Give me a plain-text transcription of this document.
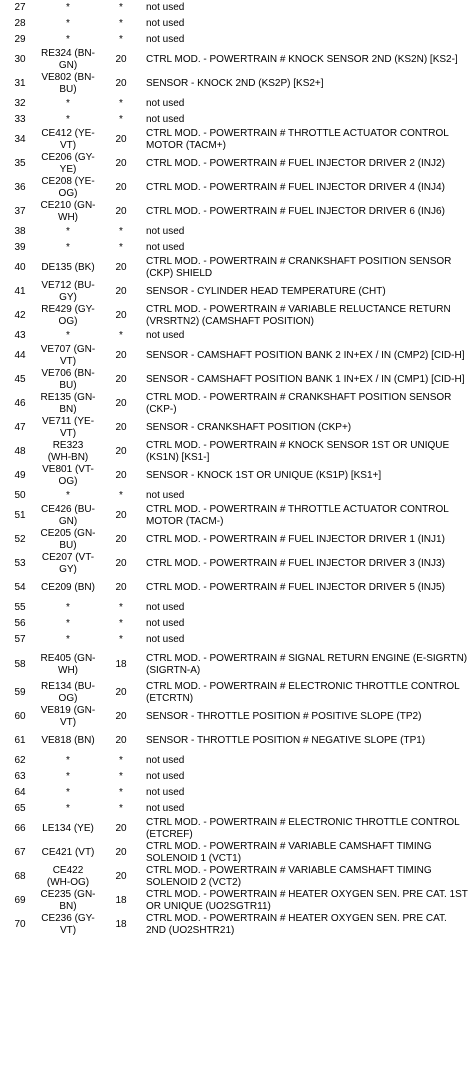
27	*	*	not used
28	*	*	not used
29	*	*	not used
30	RE324 (BN-GN)	20	CTRL MOD. - POWERTRAIN # KNOCK SENSOR 2ND (KS2N) [KS2-]
31	VE802 (BN-BU)	20	SENSOR - KNOCK 2ND (KS2P) [KS2+]
32	*	*	not used
33	*	*	not used
34	CE412 (YE-VT)	20	CTRL MOD. - POWERTRAIN # THROTTLE ACTUATOR CONTROL MOTOR (TACM+)
35	CE206 (GY-YE)	20	CTRL MOD. - POWERTRAIN # FUEL INJECTOR DRIVER 2 (INJ2)
36	CE208 (YE-OG)	20	CTRL MOD. - POWERTRAIN # FUEL INJECTOR DRIVER 4 (INJ4)
37	CE210 (GN-WH)	20	CTRL MOD. - POWERTRAIN # FUEL INJECTOR DRIVER 6 (INJ6)
38	*	*	not used
39	*	*	not used
40	DE135 (BK)	20	CTRL MOD. - POWERTRAIN # CRANKSHAFT POSITION SENSOR (CKP) SHIELD
41	VE712 (BU-GY)	20	SENSOR - CYLINDER HEAD TEMPERATURE (CHT)
42	RE429 (GY-OG)	20	CTRL MOD. - POWERTRAIN # VARIABLE RELUCTANCE RETURN (VRSRTN2) (CAMSHAFT POSITION)
43	*	*	not used
44	VE707 (GN-VT)	20	SENSOR - CAMSHAFT POSITION BANK 2 IN+EX / IN (CMP2) [CID-H]
45	VE706 (BN-BU)	20	SENSOR - CAMSHAFT POSITION BANK 1 IN+EX / IN (CMP1) [CID-H]
46	RE135 (GN-BN)	20	CTRL MOD. - POWERTRAIN # CRANKSHAFT POSITION SENSOR (CKP-)
47	VE711 (YE-VT)	20	SENSOR - CRANKSHAFT POSITION (CKP+)
48	RE323 (WH-BN)	20	CTRL MOD. - POWERTRAIN # KNOCK SENSOR 1ST OR UNIQUE (KS1N) [KS1-]
49	VE801 (VT-OG)	20	SENSOR - KNOCK 1ST OR UNIQUE (KS1P) [KS1+]
50	*	*	not used
51	CE426 (BU-GN)	20	CTRL MOD. - POWERTRAIN # THROTTLE ACTUATOR CONTROL MOTOR (TACM-)
52	CE205 (GN-BU)	20	CTRL MOD. - POWERTRAIN # FUEL INJECTOR DRIVER 1 (INJ1)
53	CE207 (VT-GY)	20	CTRL MOD. - POWERTRAIN # FUEL INJECTOR DRIVER 3 (INJ3)
54	CE209 (BN)	20	CTRL MOD. - POWERTRAIN # FUEL INJECTOR DRIVER 5 (INJ5)
55	*	*	not used
56	*	*	not used
57	*	*	not used
58	RE405 (GN-WH)	18	CTRL MOD. - POWERTRAIN # SIGNAL RETURN ENGINE (E-SIGRTN) (SIGRTN-A)
59	RE134 (BU-OG)	20	CTRL MOD. - POWERTRAIN # ELECTRONIC THROTTLE CONTROL (ETCRTN)
60	VE819 (GN-VT)	20	SENSOR - THROTTLE POSITION # POSITIVE SLOPE (TP2)
61	VE818 (BN)	20	SENSOR - THROTTLE POSITION # NEGATIVE SLOPE (TP1)
62	*	*	not used
63	*	*	not used
64	*	*	not used
65	*	*	not used
66	LE134 (YE)	20	CTRL MOD. - POWERTRAIN # ELECTRONIC THROTTLE CONTROL (ETCREF)
67	CE421 (VT)	20	CTRL MOD. - POWERTRAIN # VARIABLE CAMSHAFT TIMING SOLENOID 1 (VCT1)
68	CE422 (WH-OG)	20	CTRL MOD. - POWERTRAIN # VARIABLE CAMSHAFT TIMING SOLENOID 2 (VCT2)
69	CE235 (GN-BN)	18	CTRL MOD. - POWERTRAIN # HEATER OXYGEN SEN. PRE CAT. 1ST OR UNIQUE (UO2SGTR11)
70	CE236 (GY-VT)	18	CTRL MOD. - POWERTRAIN # HEATER OXYGEN SEN. PRE CAT. 2ND (UO2SHTR21)
